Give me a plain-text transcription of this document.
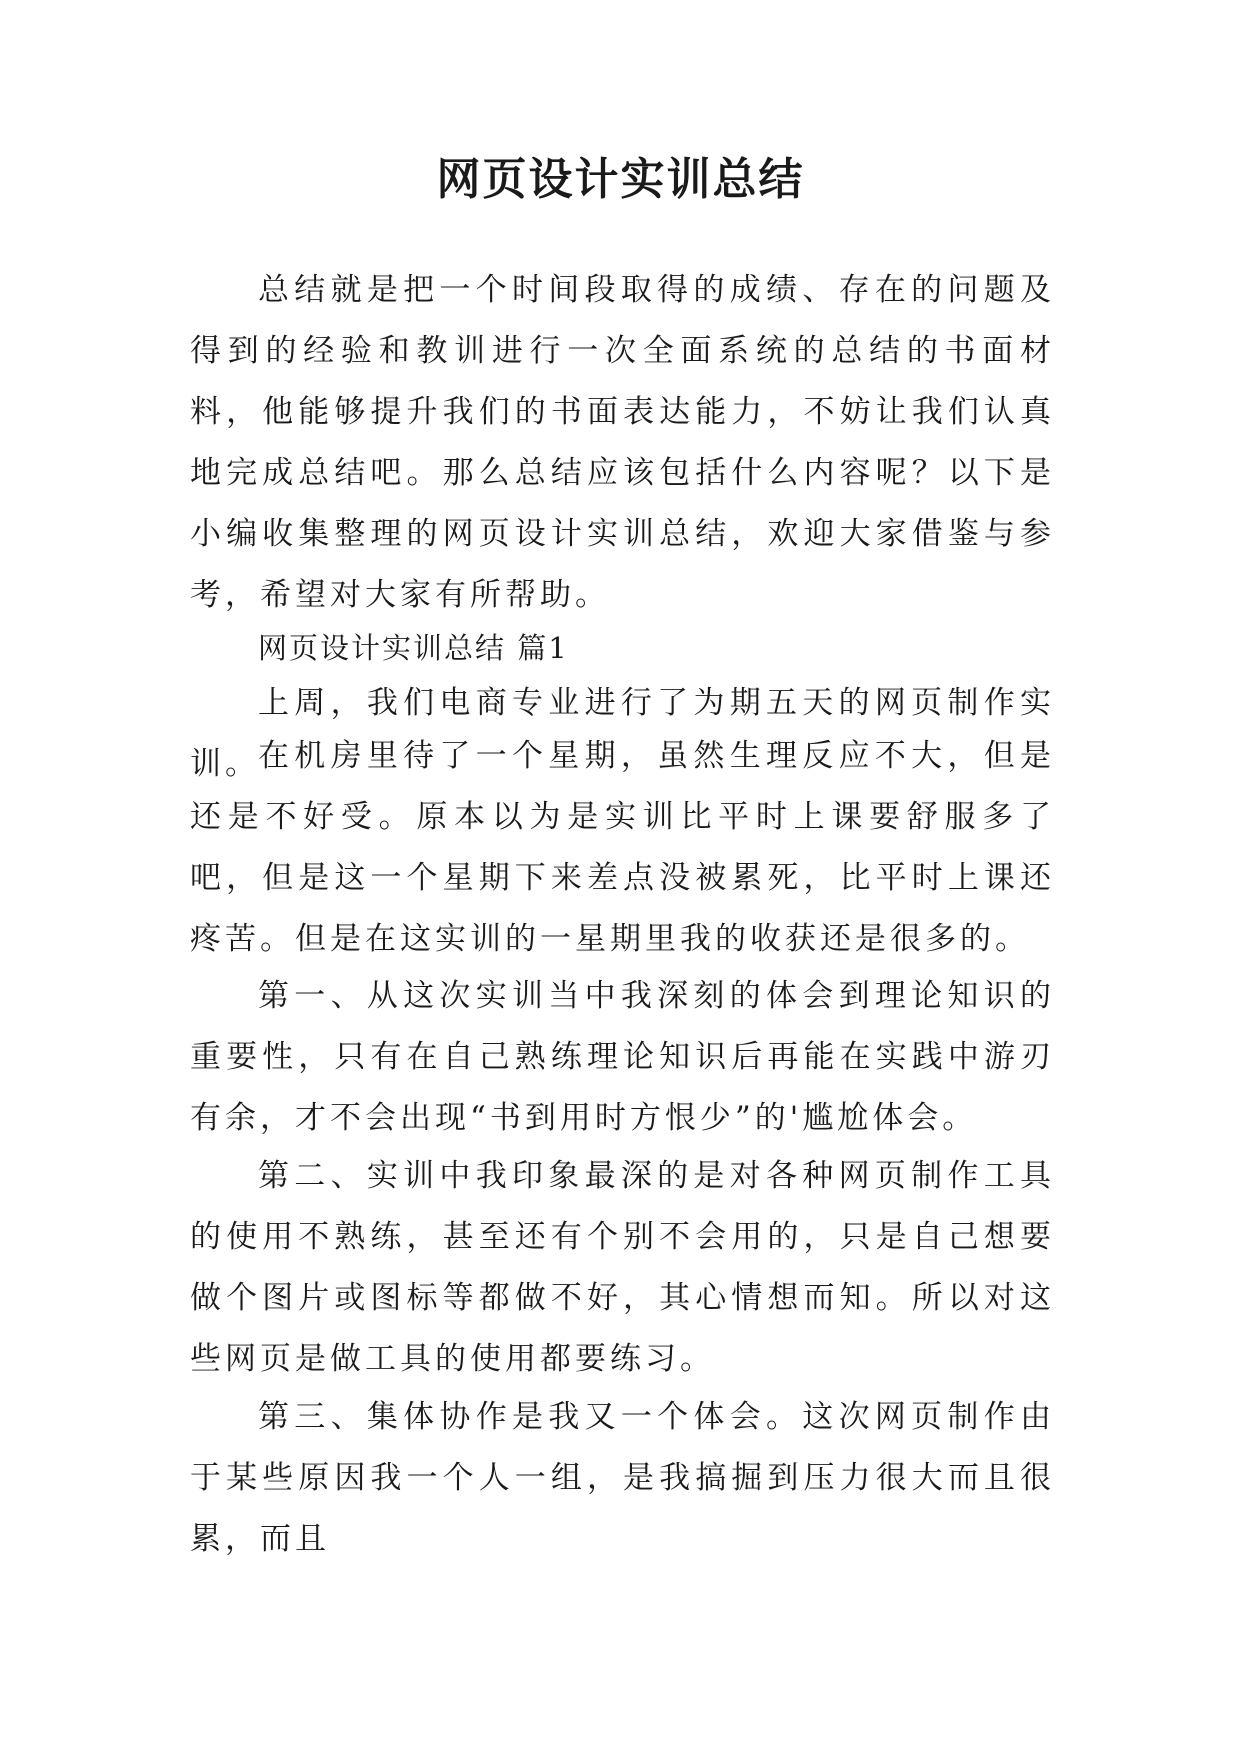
网页设计实训总结

总结就是把一个时间段取得的成绩、存在的问题及得到的经验和教训进行一次全面系统的总结的书面材料，他能够提升我们的书面表达能力，不妨让我们认真地完成总结吧。那么总结应该包括什么内容呢？以下是小编收集整理的网页设计实训总结，欢迎大家借鉴与参考，希望对大家有所帮助。

网页设计实训总结 篇1

上周，我们电商专业进行了为期五天的网页制作实训。

在机房里待了一个星期，虽然生理反应不大，但是还是不好受。原本以为是实训比平时上课要舒服多了吧，但是这一个星期下来差点没被累死，比平时上课还疼苦。但是在这实训的一星期里我的收获还是很多的。

第一、从这次实训当中我深刻的体会到理论知识的重要性，只有在自己熟练理论知识后再能在实践中游刃有余，才不会出现“书到用时方恨少”的'尴尬体会。

第二、实训中我印象最深的是对各种网页制作工具的使用不熟练，甚至还有个别不会用的，只是自己想要做个图片或图标等都做不好，其心情想而知。所以对这些网页是做工具的使用都要练习。

第三、集体协作是我又一个体会。这次网页制作由于某些原因我一个人一组，是我搞掘到压力很大而且很累，而且
